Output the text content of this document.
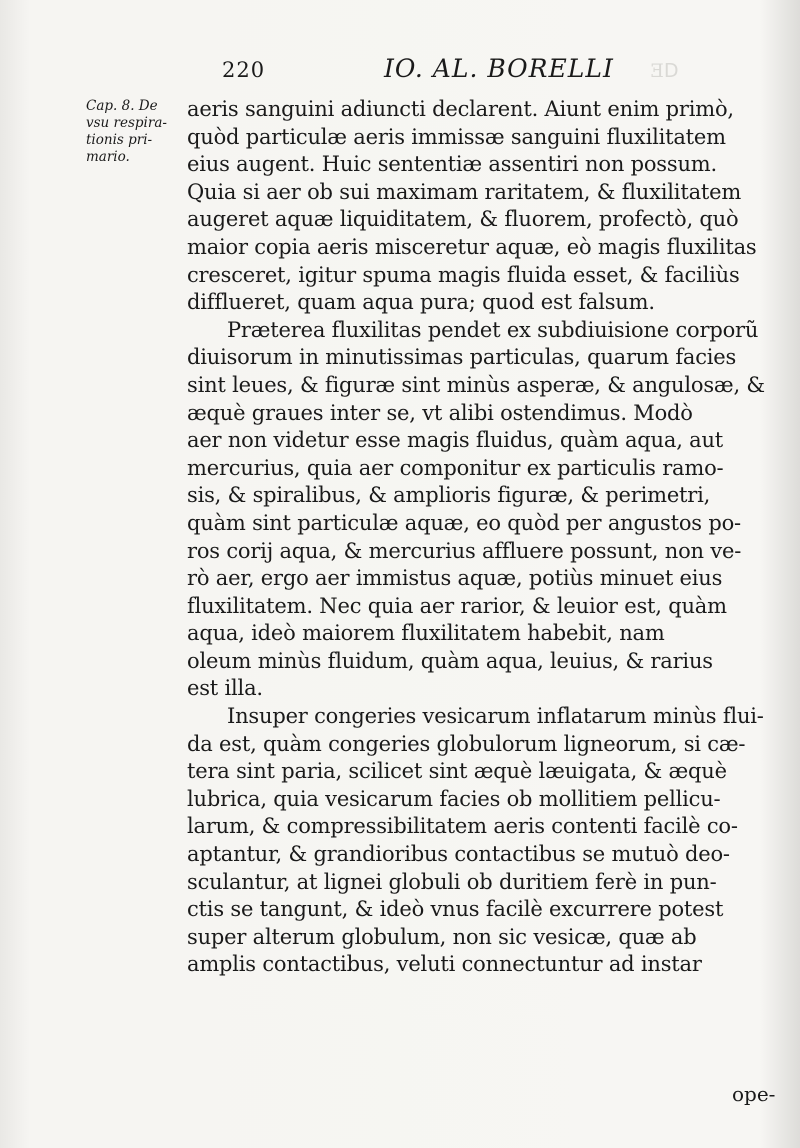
ꓷE
220	IO. AL. BORELLI
Cap. 8. De
vsu respira-
tionis pri-
mario.
aeris sanguini adiuncti declarent. Aiunt enim primò,
quòd particulæ aeris immissæ sanguini fluxilitatem
eius augent. Huic sententiæ assentiri non possum.
Quia si aer ob sui maximam raritatem, & fluxilitatem
augeret aquæ liquiditatem, & fluorem, profectò, quò
maior copia aeris misceretur aquæ, eò magis fluxilitas
cresceret, igitur spuma magis fluida esset, & faciliùs
difflueret, quam aqua pura; quod est falsum.
Præterea fluxilitas pendet ex subdiuisione corporũ
diuisorum in minutissimas particulas, quarum facies
sint leues, & figuræ sint minùs asperæ, & angulosæ, &
æquè graues inter se, vt alibi ostendimus. Modò
aer non videtur esse magis fluidus, quàm aqua, aut
mercurius, quia aer componitur ex particulis ramo-
sis, & spiralibus, & amplioris figuræ, & perimetri,
quàm sint particulæ aquæ, eo quòd per angustos po-
ros corij aqua, & mercurius affluere possunt, non ve-
rò aer, ergo aer immistus aquæ, potiùs minuet eius
fluxilitatem. Nec quia aer rarior, & leuior est, quàm
aqua, ideò maiorem fluxilitatem habebit, nam
oleum minùs fluidum, quàm aqua, leuius, & rarius
est illa.
Insuper congeries vesicarum inflatarum minùs flui-
da est, quàm congeries globulorum ligneorum, si cæ-
tera sint paria, scilicet sint æquè læuigata, & æquè
lubrica, quia vesicarum facies ob mollitiem pellicu-
larum, & compressibilitatem aeris contenti facilè co-
aptantur, & grandioribus contactibus se mutuò deo-
sculantur, at lignei globuli ob duritiem ferè in pun-
ctis se tangunt, & ideò vnus facilè excurrere potest
super alterum globulum, non sic vesicæ, quæ ab
amplis contactibus, veluti connectuntur ad instar
ope-
